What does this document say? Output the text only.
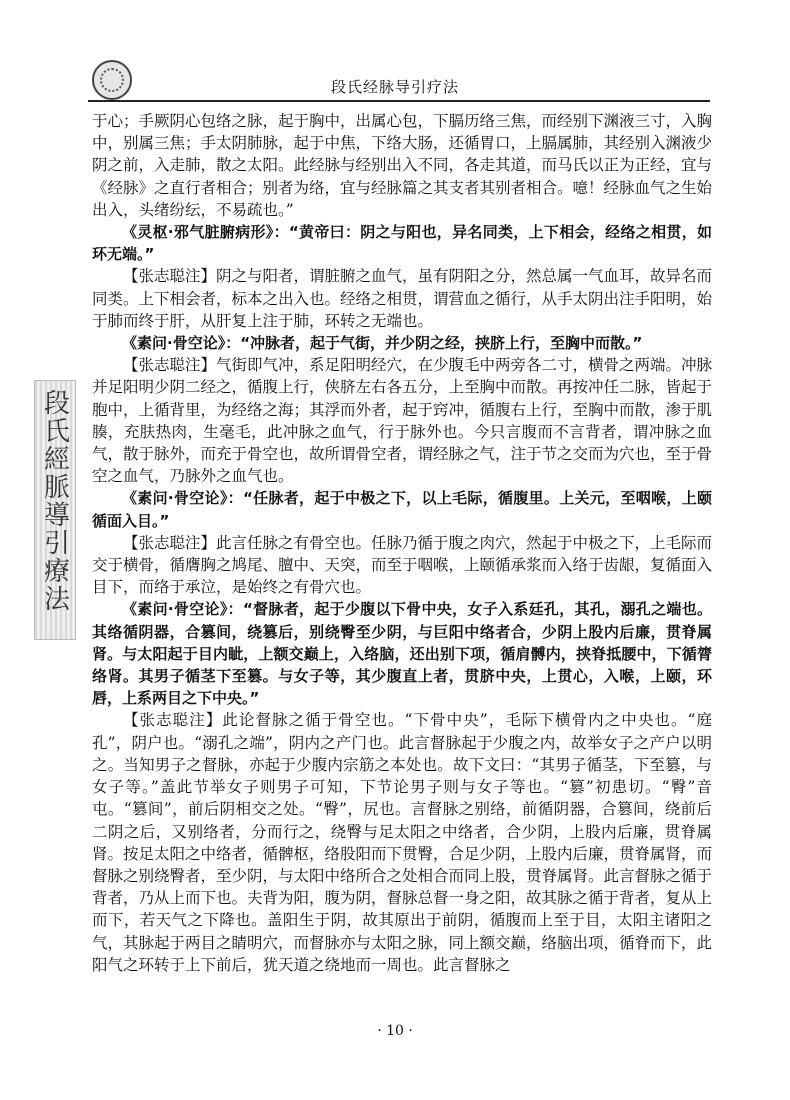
段氏经脉导引疗法
段氏經脈導引療法

于心；手厥阴心包络之脉，起于胸中，出属心包，下膈历络三焦，而经别下渊液三寸，入胸中，别属三焦；手太阴肺脉，起于中焦，下络大肠，还循胃口，上膈属肺，其经别入渊液少阴之前，入走肺，散之太阳。此经脉与经别出入不同，各走其道，而马氏以正为正经，宜与《经脉》之直行者相合；别者为络，宜与经脉篇之其支者其别者相合。噫！经脉血气之生始出入，头绪纷纭，不易疏也。”

《灵枢·邪气脏腑病形》：“黄帝曰：阴之与阳也，异名同类，上下相会，经络之相贯，如环无端。”

【张志聪注】阴之与阳者，谓脏腑之血气，虽有阴阳之分，然总属一气血耳，故异名而同类。上下相会者，标本之出入也。经络之相贯，谓营血之循行，从手太阴出注手阳明，始于肺而终于肝，从肝复上注于肺，环转之无端也。

《素问·骨空论》：“冲脉者，起于气街，并少阴之经，挟脐上行，至胸中而散。”

【张志聪注】气街即气冲，系足阳明经穴，在少腹毛中两旁各二寸，横骨之两端。冲脉并足阳明少阴二经之，循腹上行，侠脐左右各五分，上至胸中而散。再按冲任二脉，皆起于胞中，上循背里，为经络之海；其浮而外者，起于窍冲，循腹右上行，至胸中而散，渗于肌腠，充肤热肉，生毫毛，此冲脉之血气，行于脉外也。今只言腹而不言背者，谓冲脉之血气，散于脉外，而充于骨空也，故所谓骨空者，谓经脉之气，注于节之交而为穴也，至于骨空之血气，乃脉外之血气也。

《素问·骨空论》：“任脉者，起于中极之下，以上毛际，循腹里。上关元，至咽喉，上颐循面入目。”

【张志聪注】此言任脉之有骨空也。任脉乃循于腹之肉穴，然起于中极之下，上毛际而交于横骨，循膺胸之鸠尾、膻中、天突，而至于咽喉，上颐循承浆而入络于齿龈，复循面入目下，而络于承泣，是始终之有骨穴也。

《素问·骨空论》：“督脉者，起于少腹以下骨中央，女子入系廷孔，其孔，溺孔之端也。其络循阴器，合篡间，绕篡后，别绕臀至少阴，与巨阳中络者合，少阴上股内后廉，贯脊属肾。与太阳起于目内眦，上额交巅上，入络脑，还出别下项，循肩髆内，挟脊抵腰中，下循膂络肾。其男子循茎下至篡。与女子等，其少腹直上者，贯脐中央，上贯心，入喉，上颐，环唇，上系两目之下中央。”

【张志聪注】此论督脉之循于骨空也。“下骨中央”，毛际下横骨内之中央也。“庭孔”，阴户也。“溺孔之端”，阴内之产门也。此言督脉起于少腹之内，故举女子之产户以明之。当知男子之督脉，亦起于少腹内宗筋之本处也。故下文曰：“其男子循茎，下至篡，与女子等。”盖此节举女子则男子可知，下节论男子则与女子等也。“篡”初患切。“臀”音屯。“篡间”，前后阴相交之处。“臀”，尻也。言督脉之别络，前循阴器，合篡间，绕前后二阴之后，又别络者，分而行之，绕臀与足太阳之中络者，合少阴，上股内后廉，贯脊属肾。按足太阳之中络者，循髀枢，络股阳而下贯臀，合足少阴，上股内后廉，贯脊属肾，而督脉之别绕臀者，至少阴，与太阳中络所合之处相合而同上股，贯脊属肾。此言督脉之循于背者，乃从上而下也。夫背为阳，腹为阴，督脉总督一身之阳，故其脉之循于背者，复从上而下，若天气之下降也。盖阳生于阴，故其原出于前阴，循腹而上至于目，太阳主诸阳之气，其脉起于两目之睛明穴，而督脉亦与太阳之脉，同上额交巅，络脑出项，循脊而下，此阳气之环转于上下前后，犹天道之绕地而一周也。此言督脉之

· 10 ·
